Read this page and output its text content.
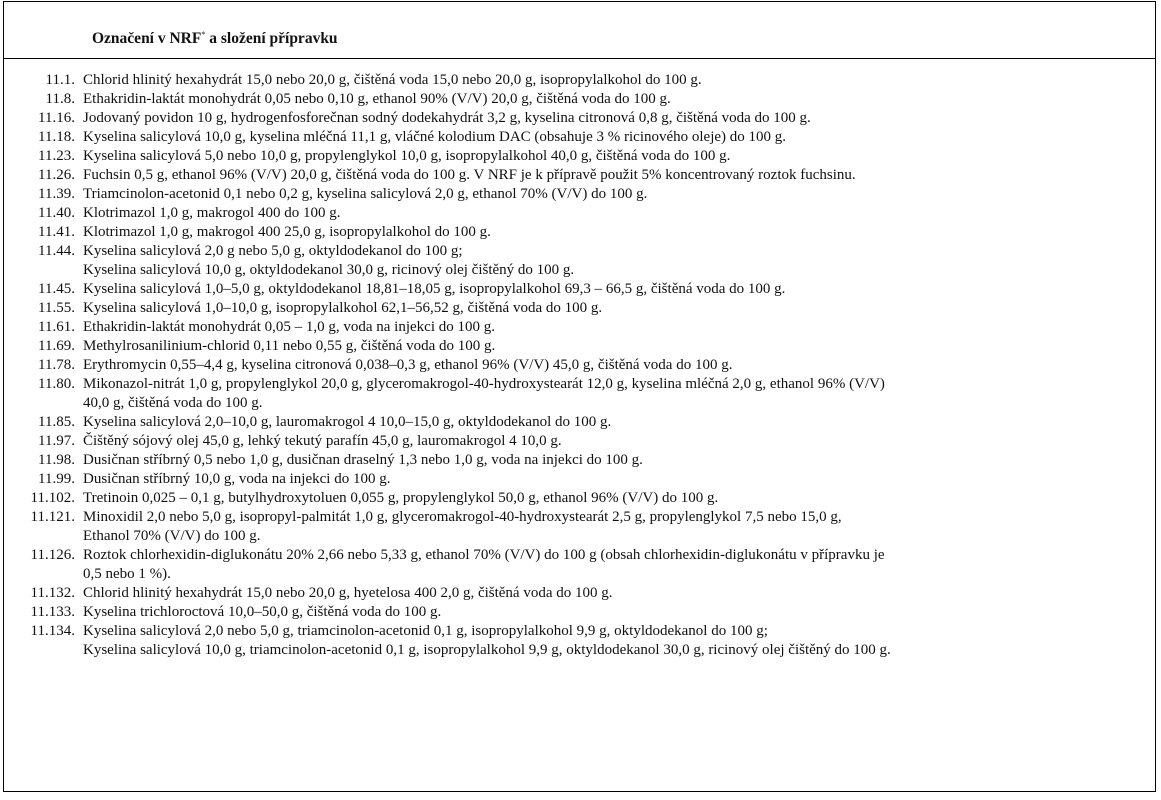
Označení v NRF* a složení přípravku
11.1. Chlorid hlinitý hexahydrát 15,0 nebo 20,0 g, čištěná voda 15,0 nebo 20,0 g, isopropylalkohol do 100 g.
11.8. Ethakridin-laktát monohydrát 0,05 nebo 0,10 g, ethanol 90% (V/V) 20,0 g, čištěná voda do 100 g.
11.16. Jodovaný povidon 10 g, hydrogenfosforečnan sodný dodekahydrát 3,2 g, kyselina citronová 0,8 g, čištěná voda do 100 g.
11.18. Kyselina salicylová 10,0 g, kyselina mléčná 11,1 g, vláčné kolodium DAC (obsahuje 3 % ricinového oleje) do 100 g.
11.23. Kyselina salicylová 5,0 nebo 10,0 g, propylenglykol 10,0 g, isopropylalkohol 40,0 g, čištěná voda do 100 g.
11.26. Fuchsin 0,5 g, ethanol 96% (V/V) 20,0 g, čištěná voda do 100 g. V NRF je k přípravě použit 5% koncentrovaný roztok fuchsinu.
11.39. Triamcinolon-acetonid 0,1 nebo 0,2 g, kyselina salicylová 2,0 g, ethanol 70% (V/V) do 100 g.
11.40. Klotrimazol 1,0 g, makrogol 400 do 100 g.
11.41. Klotrimazol 1,0 g, makrogol 400 25,0 g, isopropylalkohol do 100 g.
11.44. Kyselina salicylová 2,0 g nebo 5,0 g, oktyldodekanol do 100 g;
Kyselina salicylová 10,0 g, oktyldodekanol 30,0 g, ricinový olej čištěný do 100 g.
11.45. Kyselina salicylová 1,0–5,0 g, oktyldodekanol 18,81–18,05 g, isopropylalkohol 69,3 – 66,5 g, čištěná voda do 100 g.
11.55. Kyselina salicylová 1,0–10,0 g, isopropylalkohol 62,1–56,52 g, čištěná voda do 100 g.
11.61. Ethakridin-laktát monohydrát 0,05 – 1,0 g, voda na injekci do 100 g.
11.69. Methylrosanilinium-chlorid 0,11 nebo 0,55 g, čištěná voda do 100 g.
11.78. Erythromycin 0,55–4,4 g, kyselina citronová 0,038–0,3 g, ethanol 96% (V/V) 45,0 g, čištěná voda do 100 g.
11.80. Mikonazol-nitrát 1,0 g, propylenglykol 20,0 g, glyceromakrogol-40-hydroxystearát 12,0 g, kyselina mléčná 2,0 g, ethanol 96% (V/V)
40,0 g, čištěná voda do 100 g.
11.85. Kyselina salicylová 2,0–10,0 g, lauromakrogol 4 10,0–15,0 g, oktyldodekanol do 100 g.
11.97. Čištěný sójový olej 45,0 g, lehký tekutý parafín 45,0 g, lauromakrogol 4 10,0 g.
11.98. Dusičnan stříbrný 0,5 nebo 1,0 g, dusičnan draselný 1,3 nebo 1,0 g, voda na injekci do 100 g.
11.99. Dusičnan stříbrný 10,0 g, voda na injekci do 100 g.
11.102. Tretinoin 0,025 – 0,1 g, butylhydroxytoluen 0,055 g, propylenglykol 50,0 g, ethanol 96% (V/V) do 100 g.
11.121. Minoxidil 2,0 nebo 5,0 g, isopropyl-palmitát 1,0 g, glyceromakrogol-40-hydroxystearát 2,5 g, propylenglykol 7,5 nebo 15,0 g,
Ethanol 70% (V/V) do 100 g.
11.126. Roztok chlorhexidin-diglukonátu 20% 2,66 nebo 5,33 g, ethanol 70% (V/V) do 100 g (obsah chlorhexidin-diglukonátu v přípravku je
0,5 nebo 1 %).
11.132. Chlorid hlinitý hexahydrát 15,0 nebo 20,0 g, hyetelosa 400 2,0 g, čištěná voda do 100 g.
11.133. Kyselina trichloroctová 10,0–50,0 g, čištěná voda do 100 g.
11.134. Kyselina salicylová 2,0 nebo 5,0 g, triamcinolon-acetonid 0,1 g, isopropylalkohol 9,9 g, oktyldodekanol do 100 g;
Kyselina salicylová 10,0 g, triamcinolon-acetonid 0,1 g, isopropylalkohol 9,9 g, oktyldodekanol 30,0 g, ricinový olej čištěný do 100 g.
